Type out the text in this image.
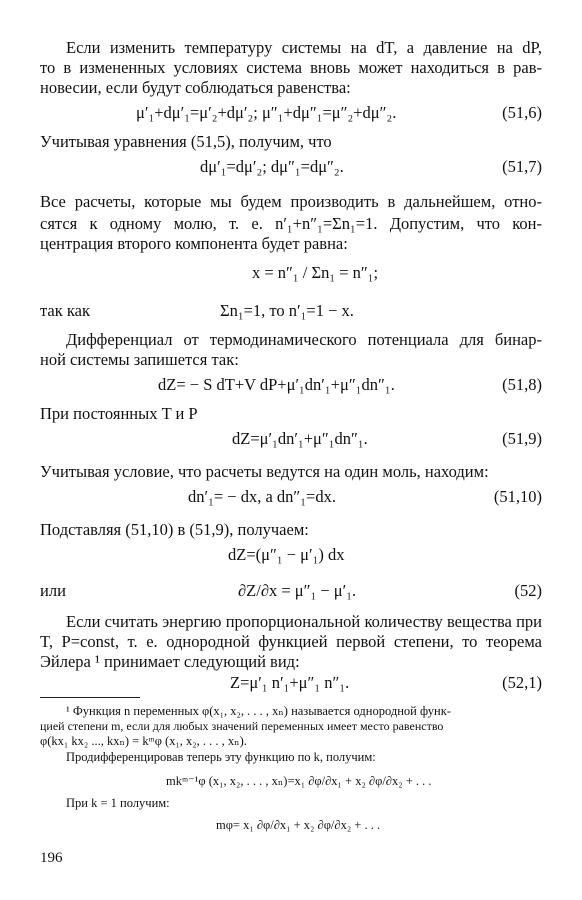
Если изменить температуру системы на dT, а давление на dP,
то в измененных условиях система вновь может находиться в рав-
новесии, если будут соблюдаться равенства:
μ′₁+dμ′₁=μ′₂+dμ′₂; μ″₁+dμ″₁=μ″₂+dμ″₂.	(51,6)
Учитывая уравнения (51,5), получим, что
dμ′₁=dμ′₂; dμ″₁=dμ″₂.	(51,7)
Все расчеты, которые мы будем производить в дальнейшем, отно-
сятся к одному молю, т. е. n′₁+n″₁=Σn₁=1. Допустим, что кон-
центрация второго компонента будет равна:
x = n″₁ / Σn₁ = n″₁;
так как	Σn₁=1, то n′₁=1 − x.
Дифференциал от термодинамического потенциала для бинар-
ной системы запишется так:
dZ= − S dT+V dP+μ′₁dn′₁+μ″₁dn″₁.	(51,8)
При постоянных T и P
dZ=μ′₁dn′₁+μ″₁dn″₁.	(51,9)
Учитывая условие, что расчеты ведутся на один моль, находим:
dn′₁= − dx, а dn″₁=dx.	(51,10)
Подставляя (51,10) в (51,9), получаем:
dZ=(μ″₁ − μ′₁) dx
или	∂Z/∂x = μ″₁ − μ′₁.	(52)
Если считать энергию пропорциональной количеству вещества при
T, P=const, т. е. однородной функцией первой степени, то теорема
Эйлера ¹ принимает следующий вид:
Z=μ′₁ n′₁+μ″₁ n″₁.	(52,1)
¹ Функция n переменных φ(x₁, x₂, . . . , xₙ) называется однородной функ-
цией степени m, если для любых значений переменных имеет место равенство
φ(kx₁ kx₂ ..., kxₙ) = kᵐφ (x₁, x₂, . . . , xₙ).
Продифференцировав теперь эту функцию по k, получим:
mkᵐ⁻¹φ (x₁, x₂, . . . , xₙ)=x₁ ∂φ/∂x₁ + x₂ ∂φ/∂x₂ + . . .
При k = 1 получим:
mφ= x₁ ∂φ/∂x₁ + x₂ ∂φ/∂x₂ + . . .
196
